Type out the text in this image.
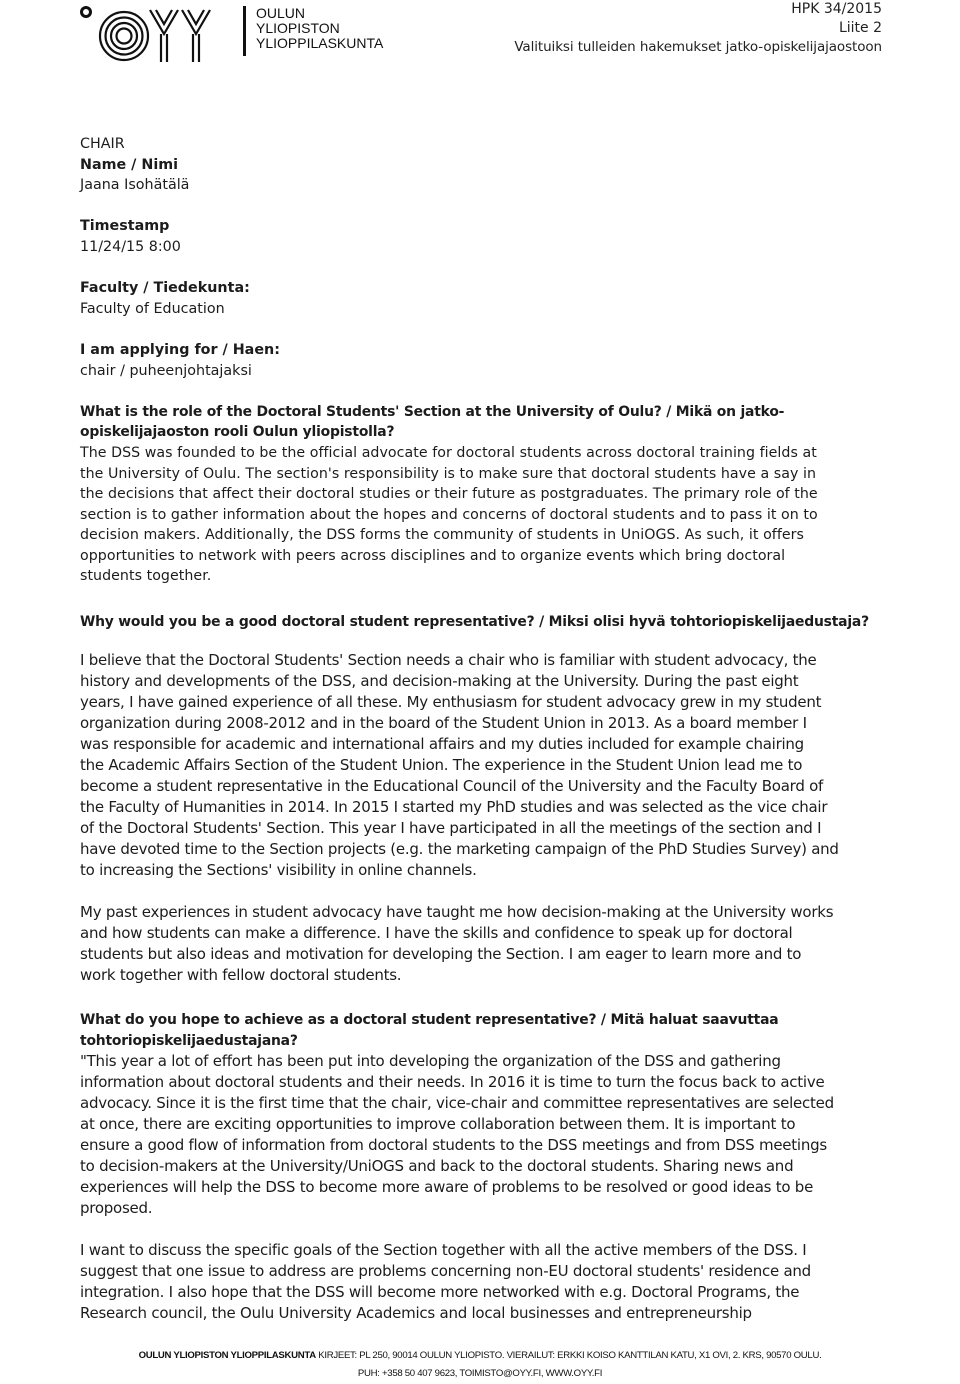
OULUN
YLIOPISTON
YLIOPPILASKUNTA
HPK 34/2015
Liite 2
Valituiksi tulleiden hakemukset jatko-opiskelijajaostoon
CHAIR
Name / Nimi
Jaana Isohätälä
Timestamp
11/24/15 8:00
Faculty / Tiedekunta:
Faculty of Education
I am applying for / Haen:
chair / puheenjohtajaksi
What is the role of the Doctoral Students' Section at the University of Oulu? / Mikä on jatko-
opiskelijajaoston rooli Oulun yliopistolla?
The DSS was founded to be the official advocate for doctoral students across doctoral training fields at
the University of Oulu. The section's responsibility is to make sure that doctoral students have a say in
the decisions that affect their doctoral studies or their future as postgraduates. The primary role of the
section is to gather information about the hopes and concerns of doctoral students and to pass it on to
decision makers. Additionally, the DSS forms the community of students in UniOGS. As such, it offers
opportunities to network with peers across disciplines and to organize events which bring doctoral
students together.
Why would you be a good doctoral student representative? / Miksi olisi hyvä tohtoriopiskelijaedustaja?
I believe that the Doctoral Students' Section needs a chair who is familiar with student advocacy, the
history and developments of the DSS, and decision-making at the University. During the past eight
years, I have gained experience of all these. My enthusiasm for student advocacy grew in my student
organization during 2008-2012 and in the board of the Student Union in 2013. As a board member I
was responsible for academic and international affairs and my duties included for example chairing
the Academic Affairs Section of the Student Union. The experience in the Student Union lead me to
become a student representative in the Educational Council of the University and the Faculty Board of
the Faculty of Humanities in 2014. In 2015 I started my PhD studies and was selected as the vice chair
of the Doctoral Students' Section. This year I have participated in all the meetings of the section and I
have devoted time to the Section projects (e.g. the marketing campaign of the PhD Studies Survey) and
to increasing the Sections' visibility in online channels.
My past experiences in student advocacy have taught me how decision-making at the University works
and how students can make a difference. I have the skills and confidence to speak up for doctoral
students but also ideas and motivation for developing the Section. I am eager to learn more and to
work together with fellow doctoral students.
What do you hope to achieve as a doctoral student representative? / Mitä haluat saavuttaa
tohtoriopiskelijaedustajana?
"This year a lot of effort has been put into developing the organization of the DSS and gathering
information about doctoral students and their needs. In 2016 it is time to turn the focus back to active
advocacy. Since it is the first time that the chair, vice-chair and committee representatives are selected
at once, there are exciting opportunities to improve collaboration between them. It is important to
ensure a good flow of information from doctoral students to the DSS meetings and from DSS meetings
to decision-makers at the University/UniOGS and back to the doctoral students. Sharing news and
experiences will help the DSS to become more aware of problems to be resolved or good ideas to be
proposed.
I want to discuss the specific goals of the Section together with all the active members of the DSS. I
suggest that one issue to address are problems concerning non-EU doctoral students' residence and
integration. I also hope that the DSS will become more networked with e.g. Doctoral Programs, the
Research council, the Oulu University Academics and local businesses and entrepreneurship
OULUN YLIOPISTON YLIOPPILASKUNTA KIRJEET: PL 250, 90014 OULUN YLIOPISTO. VIERAILUT: ERKKI KOISO KANTTILAN KATU, X1 OVI, 2. KRS, 90570 OULU.
PUH: +358 50 407 9623, TOIMISTO@OYY.FI, WWW.OYY.FI
